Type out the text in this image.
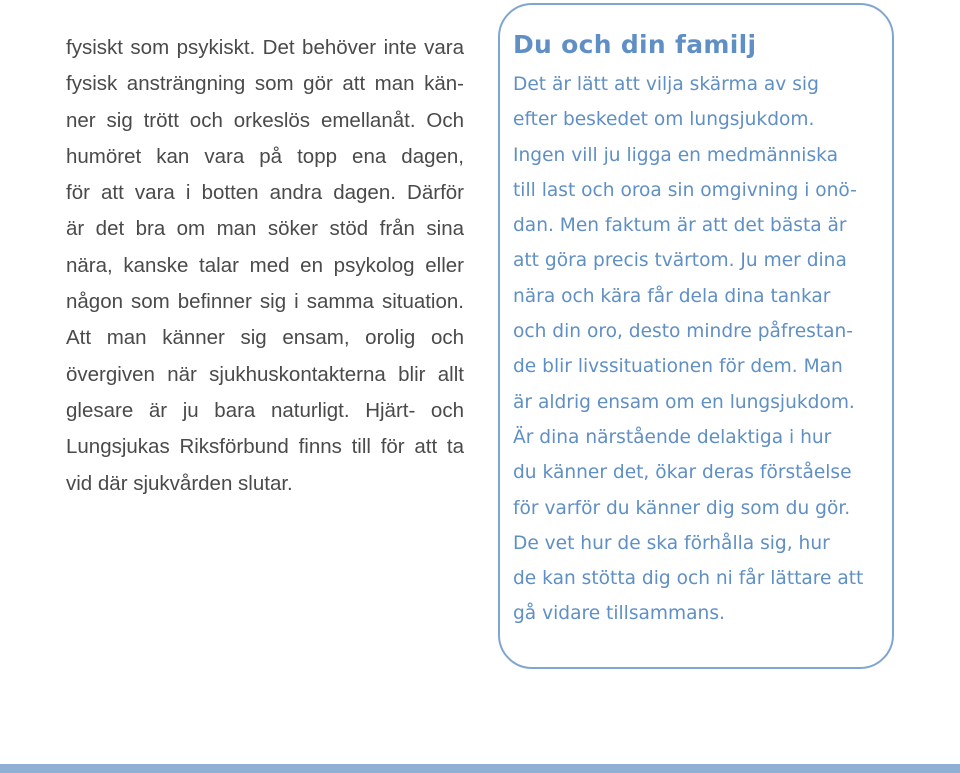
fysiskt som psykiskt. Det behöver inte vara
fysisk ansträngning som gör att man kän-
ner sig trött och orkeslös emellanåt. Och
humöret kan vara på topp ena dagen,
för att vara i botten andra dagen. Därför
är det bra om man söker stöd från sina
nära, kanske talar med en psykolog eller
någon som befinner sig i samma situation.
Att man känner sig ensam, orolig och
övergiven när sjukhuskontakterna blir allt
glesare är ju bara naturligt. Hjärt- och
Lungsjukas Riksförbund finns till för att ta
vid där sjukvården slutar.
Du och din familj
Det är lätt att vilja skärma av sig
efter beskedet om lungsjukdom.
Ingen vill ju ligga en medmänniska
till last och oroa sin omgivning i onö-
dan. Men faktum är att det bästa är
att göra precis tvärtom. Ju mer dina
nära och kära får dela dina tankar
och din oro, desto mindre påfrestan-
de blir livssituationen för dem. Man
är aldrig ensam om en lungsjukdom.
Är dina närstående delaktiga i hur
du känner det, ökar deras förståelse
för varför du känner dig som du gör.
De vet hur de ska förhålla sig, hur
de kan stötta dig och ni får lättare att
gå vidare tillsammans.
